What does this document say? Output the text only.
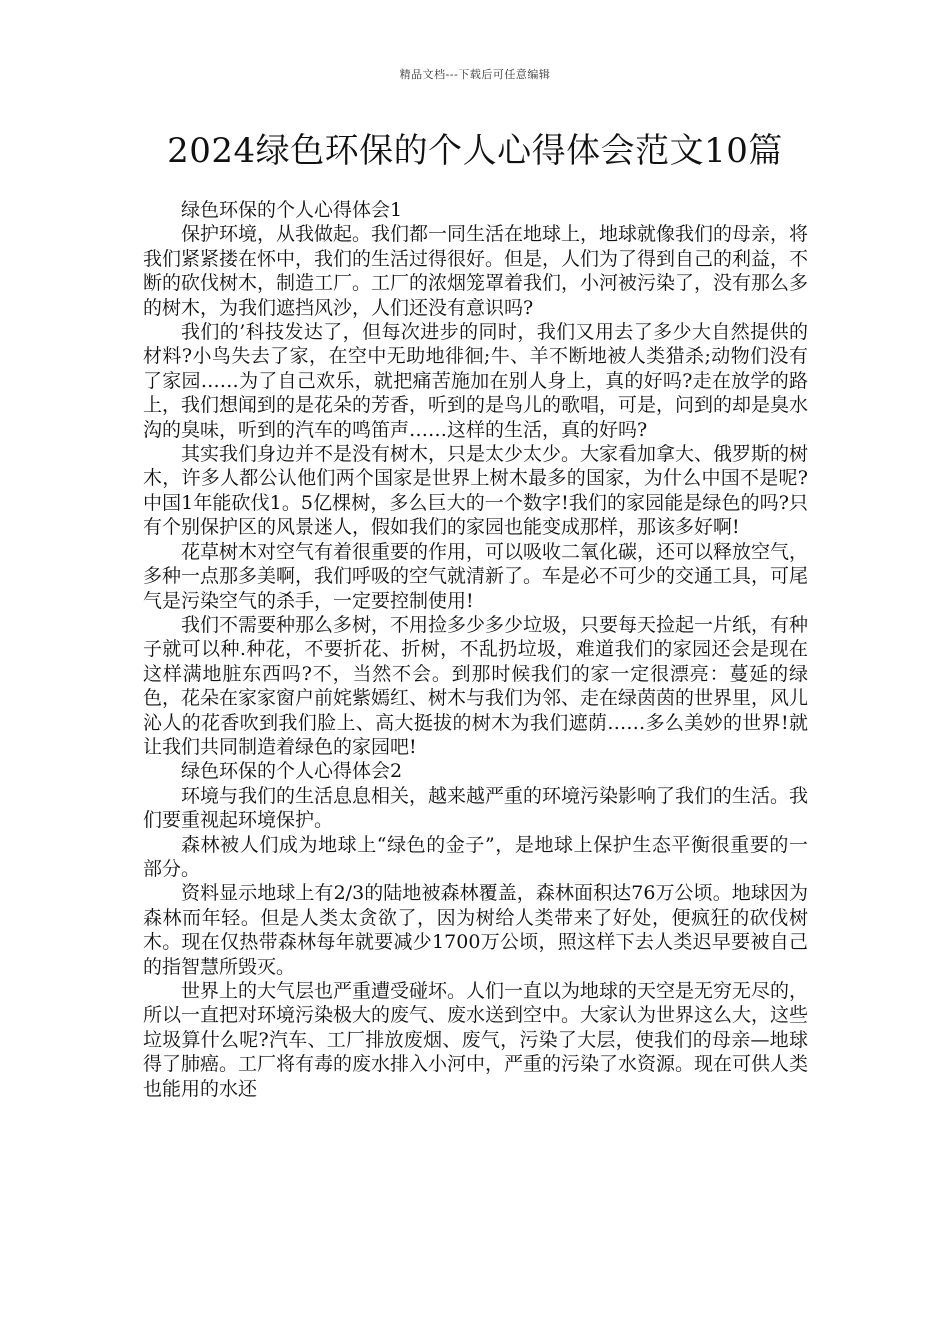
精品文档---下载后可任意编辑
2024绿色环保的个人心得体会范文10篇

绿色环保的个人心得体会1

保护环境，从我做起。我们都一同生活在地球上，地球就像我们的母亲，将我们紧紧搂在怀中，我们的生活过得很好。但是，人们为了得到自己的利益，不断的砍伐树木，制造工厂。工厂的浓烟笼罩着我们，小河被污染了，没有那么多的树木，为我们遮挡风沙，人们还没有意识吗?

我们的’科技发达了，但每次进步的同时，我们又用去了多少大自然提供的材料?小鸟失去了家，在空中无助地徘徊;牛、羊不断地被人类猎杀;动物们没有了家园……为了自己欢乐，就把痛苦施加在别人身上，真的好吗?走在放学的路上，我们想闻到的是花朵的芳香，听到的是鸟儿的歌唱，可是，问到的却是臭水沟的臭味，听到的汽车的鸣笛声……这样的生活，真的好吗?

其实我们身边并不是没有树木，只是太少太少。大家看加拿大、俄罗斯的树木，许多人都公认他们两个国家是世界上树木最多的国家，为什么中国不是呢?中国1年能砍伐1。5亿棵树，多么巨大的一个数字!我们的家园能是绿色的吗?只有个别保护区的风景迷人，假如我们的家园也能变成那样，那该多好啊!

花草树木对空气有着很重要的作用，可以吸收二氧化碳，还可以释放空气，多种一点那多美啊，我们呼吸的空气就清新了。车是必不可少的交通工具，可尾气是污染空气的杀手，一定要控制使用!

我们不需要种那么多树，不用捡多少多少垃圾，只要每天捡起一片纸，有种子就可以种.种花，不要折花、折树，不乱扔垃圾，难道我们的家园还会是现在这样满地脏东西吗?不，当然不会。到那时候我们的家一定很漂亮：蔓延的绿色，花朵在家家窗户前姹紫嫣红、树木与我们为邻、走在绿茵茵的世界里，风儿沁人的花香吹到我们脸上、高大挺拔的树木为我们遮荫……多么美妙的世界!就让我们共同制造着绿色的家园吧!

绿色环保的个人心得体会2

环境与我们的生活息息相关，越来越严重的环境污染影响了我们的生活。我们要重视起环境保护。

森林被人们成为地球上“绿色的金子”，是地球上保护生态平衡很重要的一部分。

资料显示地球上有2/3的陆地被森林覆盖，森林面积达76万公顷。地球因为森林而年轻。但是人类太贪欲了，因为树给人类带来了好处，便疯狂的砍伐树木。现在仅热带森林每年就要减少1700万公顷，照这样下去人类迟早要被自己的指智慧所毁灭。

世界上的大气层也严重遭受碰坏。人们一直以为地球的天空是无穷无尽的，所以一直把对环境污染极大的废气、废水送到空中。大家认为世界这么大，这些垃圾算什么呢?汽车、工厂排放废烟、废气，污染了大层，使我们的母亲—地球得了肺癌。工厂将有毒的废水排入小河中，严重的污染了水资源。现在可供人类也能用的水还
